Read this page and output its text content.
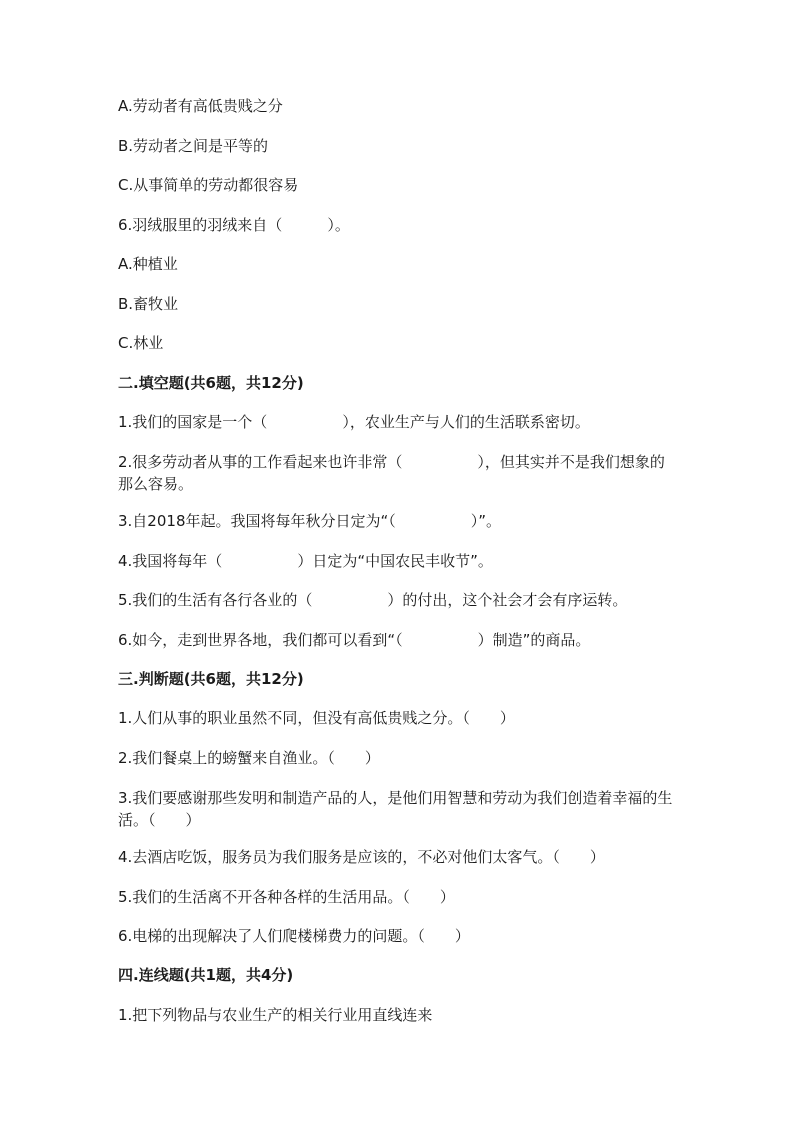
A.劳动者有高低贵贱之分
B.劳动者之间是平等的
C.从事简单的劳动都很容易
6.羽绒服里的羽绒来自（　　　）。
A.种植业
B.畜牧业
C.林业
二.填空题(共6题，共12分)
1.我们的国家是一个（　　　　　），农业生产与人们的生活联系密切。
2.很多劳动者从事的工作看起来也许非常（　　　　　），但其实并不是我们想象的那么容易。
3.自2018年起。我国将每年秋分日定为“（　　　　　）”。
4.我国将每年（　　　　　）日定为“中国农民丰收节”。
5.我们的生活有各行各业的（　　　　　）的付出，这个社会才会有序运转。
6.如今，走到世界各地，我们都可以看到“（　　　　　）制造”的商品。
三.判断题(共6题，共12分)
1.人们从事的职业虽然不同，但没有高低贵贱之分。（　　）
2.我们餐桌上的螃蟹来自渔业。（　　）
3.我们要感谢那些发明和制造产品的人，是他们用智慧和劳动为我们创造着幸福的生活。（　　）
4.去酒店吃饭，服务员为我们服务是应该的，不必对他们太客气。（　　）
5.我们的生活离不开各种各样的生活用品。（　　）
6.电梯的出现解决了人们爬楼梯费力的问题。（　　）
四.连线题(共1题，共4分)
1.把下列物品与农业生产的相关行业用直线连来
